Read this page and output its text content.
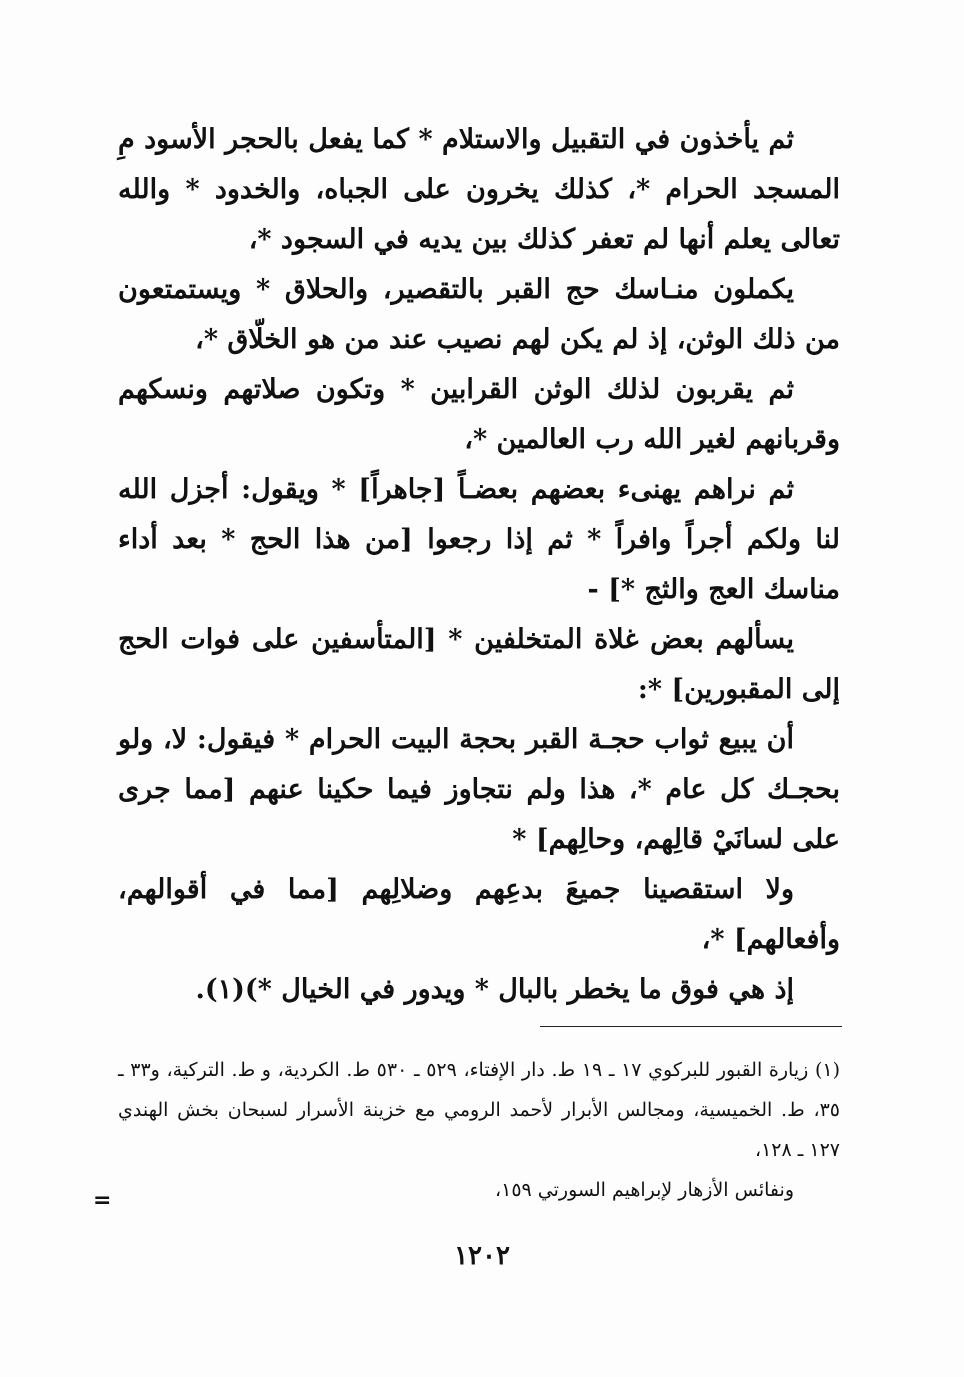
ثم يأخذون في التقبيل والاستلام * كما يفعل بالحجر الأسود مِ المسجد الحرام *، كذلك يخرون على الجباه، والخدود * والله تعالى يعلم أنها لم تعفر كذلك بين يديه في السجود *،

يكملون منـاسك حج القبر بالتقصير، والحلاق * ويستمتعون من ذلك الوثن، إذ لم يكن لهم نصيب عند من هو الخلّاق *،

ثم يقربون لذلك الوثن القرابين * وتكون صلاتهم ونسكهم وقربانهم لغير الله رب العالمين *،

ثم نراهم يهنىء بعضهم بعضـاً [جاهراً] * ويقول: أجزل الله لنا ولكم أجراً وافراً * ثم إذا رجعوا [من هذا الحج * بعد أداء مناسك العج والثج *] -

يسألهم بعض غلاة المتخلفين * [المتأسفين على فوات الحج إلى المقبورين] *:

أن يبيع ثواب حجـة القبر بحجة البيت الحرام * فيقول: لا، ولو بحجـك كل عام *، هذا ولم نتجاوز فيما حكينا عنهم [مما جرى على لسانَيْ قالِهم، وحالِهم] *

ولا استقصينا جميعَ بدعِهم وضلالِهم [مما في أقوالهم، وأفعالهم] *،

إذ هي فوق ما يخطر بالبال * ويدور في الخيال *)(١).

(١) زيارة القبور للبركوي ١٧ ـ ١٩ ط. دار الإفتاء، ٥٢٩ ـ ٥٣٠ ط. الكردية، و ط. التركية، و٣٣ ـ ٣٥، ط. الخميسية، ومجالس الأبرار لأحمد الرومي مع خزينة الأسرار لسبحان بخش الهندي ١٢٧ ـ ١٢٨،

ونفائس الأزهار لإبراهيم السورتي ١٥٩،

=
١٢٠٢
